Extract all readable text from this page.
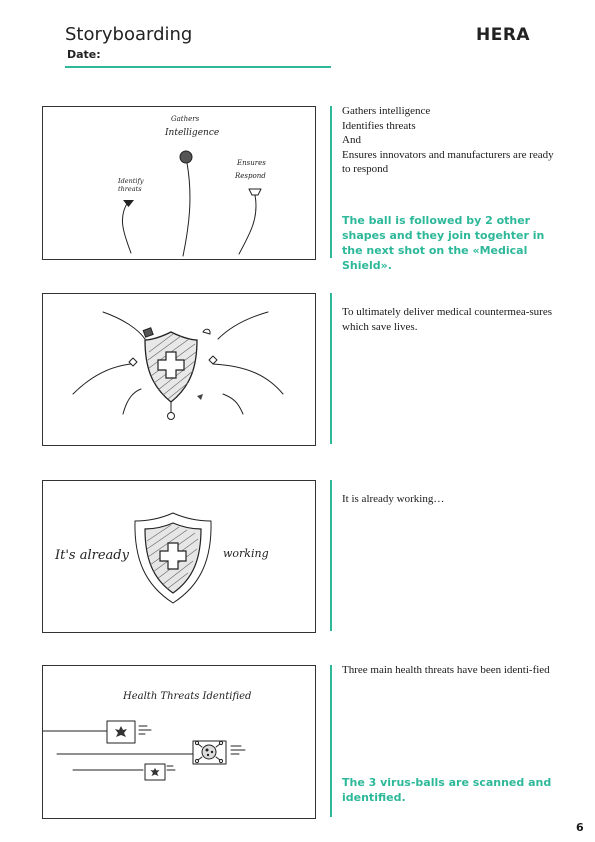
Storyboarding
Date:
HERA
Gathers
Intelligence
Identify
threats
Ensures
Respond

Gathers intelligence

Identifies threats

And

Ensures innovators and manufacturers are ready to respond

The ball is followed by 2 other shapes and they join togehter in the next shot on the «Medical Shield».

To ultimately deliver medical countermea-sures which save lives.

It's already	working

It is already working…

Health Threats Identified

Three main health threats have been identi-fied

The 3 virus-balls are scanned and identified.
6
